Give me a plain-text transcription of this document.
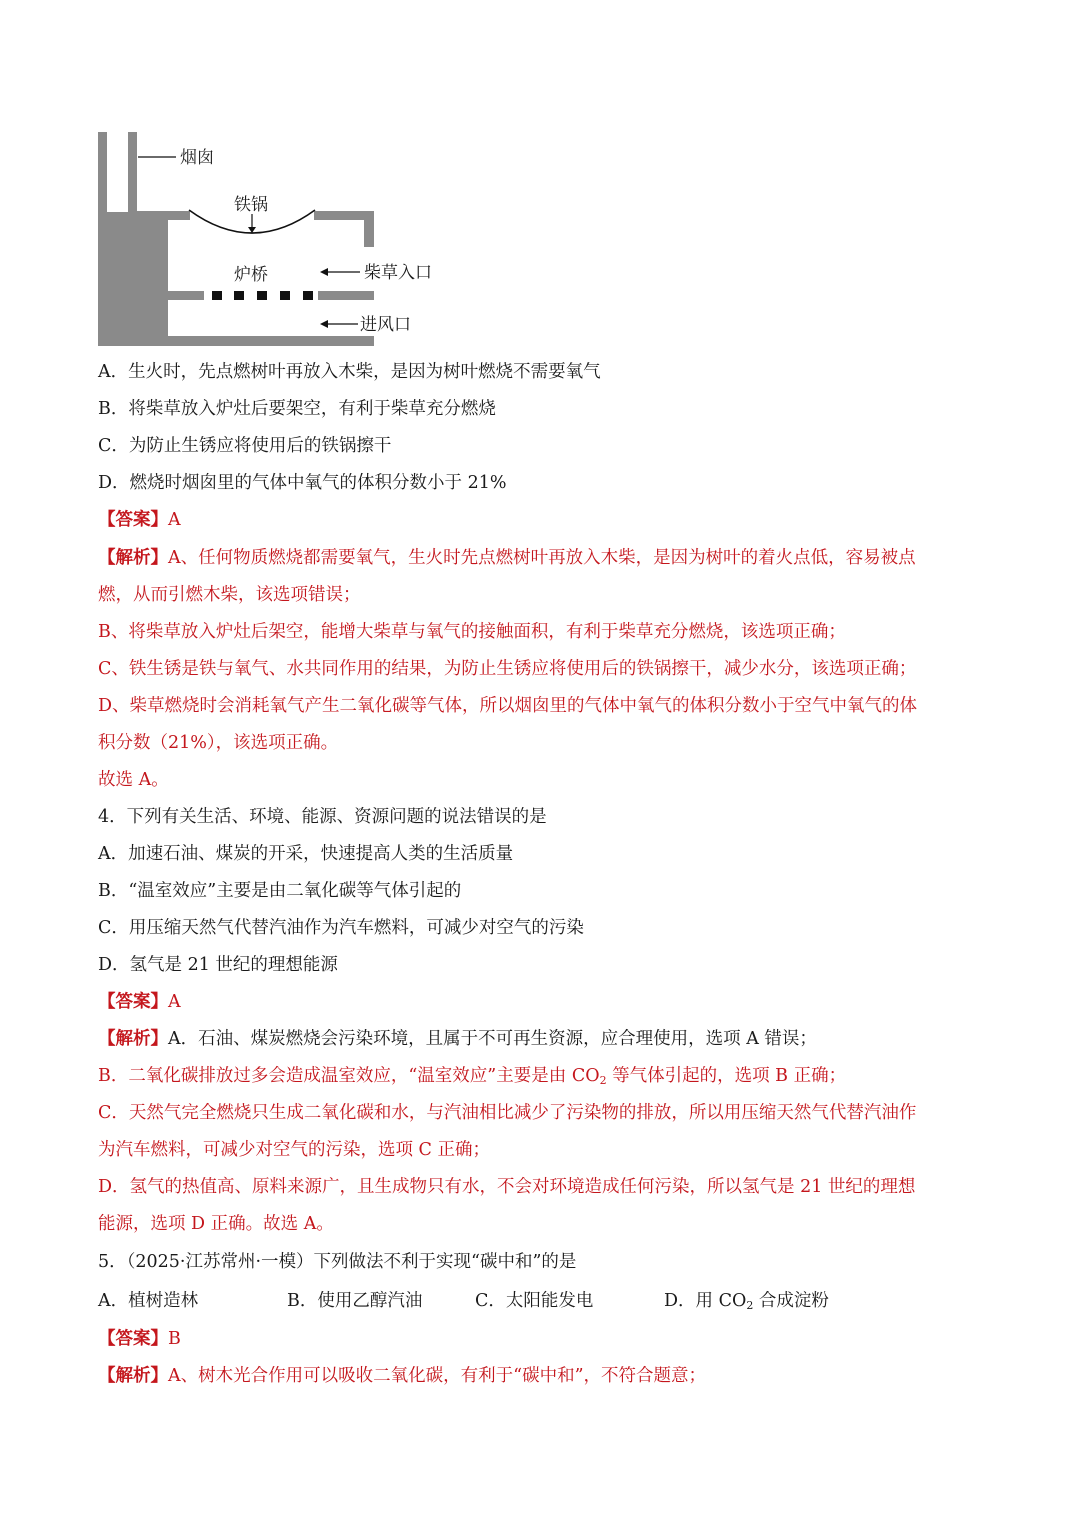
烟囱
铁锅
炉桥	柴草入口
进风口
A．生火时，先点燃树叶再放入木柴，是因为树叶燃烧不需要氧气
B．将柴草放入炉灶后要架空，有利于柴草充分燃烧
C．为防止生锈应将使用后的铁锅擦干
D．燃烧时烟囱里的气体中氧气的体积分数小于 21%
【答案】A
【解析】A、任何物质燃烧都需要氧气，生火时先点燃树叶再放入木柴，是因为树叶的着火点低，容易被点
燃，从而引燃木柴，该选项错误；
B、将柴草放入炉灶后架空，能增大柴草与氧气的接触面积，有利于柴草充分燃烧，该选项正确；
C、铁生锈是铁与氧气、水共同作用的结果，为防止生锈应将使用后的铁锅擦干，减少水分，该选项正确；
D、柴草燃烧时会消耗氧气产生二氧化碳等气体，所以烟囱里的气体中氧气的体积分数小于空气中氧气的体
积分数（21%），该选项正确。
故选 A。
4．下列有关生活、环境、能源、资源问题的说法错误的是
A．加速石油、煤炭的开采，快速提高人类的生活质量
B．“温室效应”主要是由二氧化碳等气体引起的
C．用压缩天然气代替汽油作为汽车燃料，可减少对空气的污染
D．氢气是 21 世纪的理想能源
【答案】A
【解析】A．石油、煤炭燃烧会污染环境，且属于不可再生资源，应合理使用，选项 A 错误；
B．二氧化碳排放过多会造成温室效应，“温室效应”主要是由 $CO_2$ 等气体引起的，选项 B 正确；
C．天然气完全燃烧只生成二氧化碳和水，与汽油相比减少了污染物的排放，所以用压缩天然气代替汽油作
为汽车燃料，可减少对空气的污染，选项 C 正确；
D．氢气的热值高、原料来源广，且生成物只有水，不会对环境造成任何污染，所以氢气是 21 世纪的理想
能源，选项 D 正确。故选 A。
5．（2025·江苏常州·一模）下列做法不利于实现“碳中和”的是
A．植树造林	B．使用乙醇汽油	C．太阳能发电	D．用 $CO_2$ 合成淀粉
【答案】B
【解析】A、树木光合作用可以吸收二氧化碳，有利于“碳中和”，不符合题意；
